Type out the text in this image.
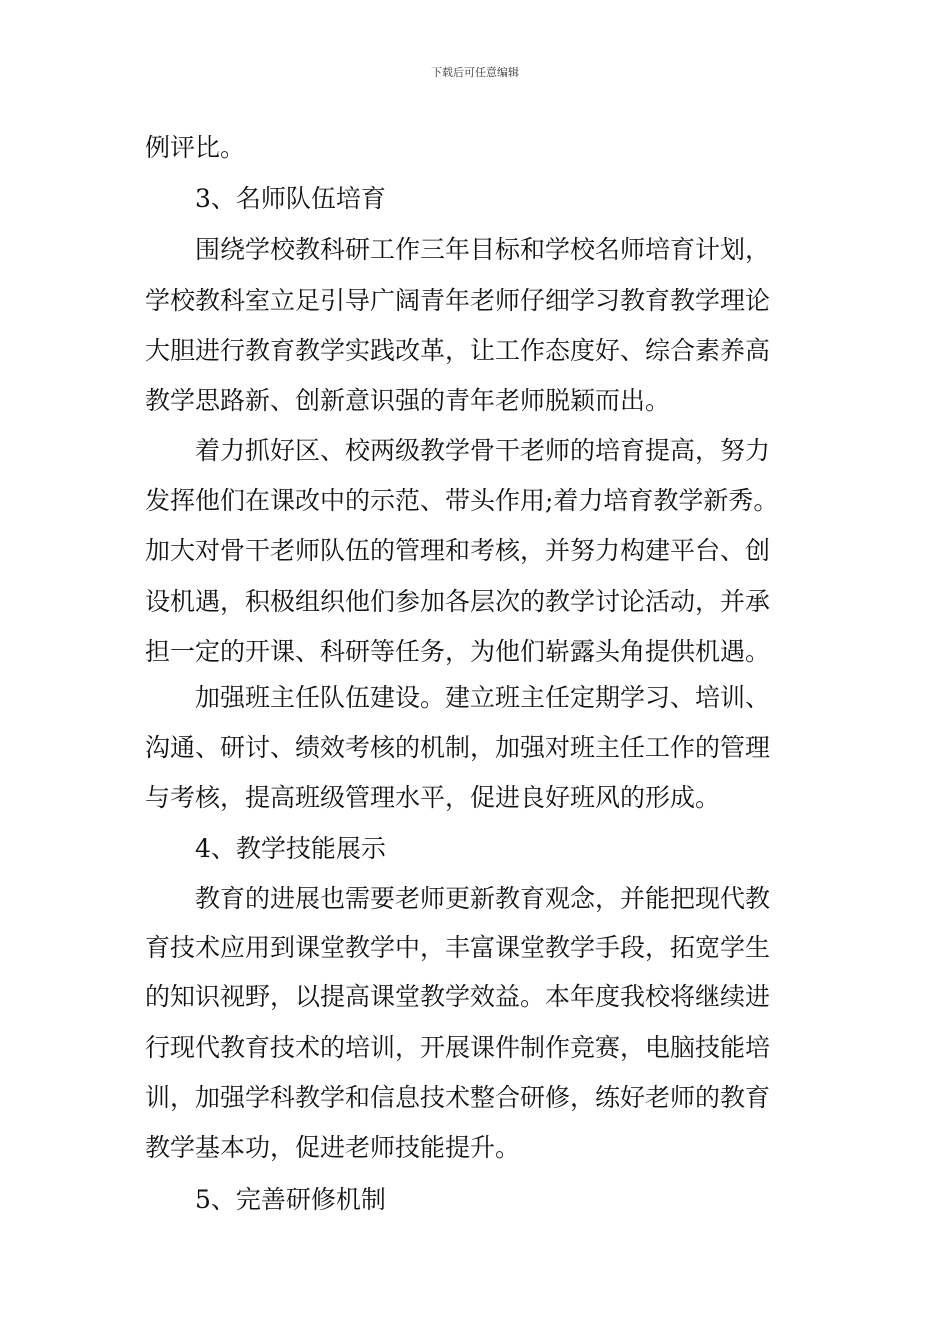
下载后可任意编辑
例评比。
3、名师队伍培育
围绕学校教科研工作三年目标和学校名师培育计划，
学校教科室立足引导广阔青年老师仔细学习教育教学理论
大胆进行教育教学实践改革，让工作态度好、综合素养高
教学思路新、创新意识强的青年老师脱颖而出。
着力抓好区、校两级教学骨干老师的培育提高，努力
发挥他们在课改中的示范、带头作用;着力培育教学新秀。
加大对骨干老师队伍的管理和考核，并努力构建平台、创
设机遇，积极组织他们参加各层次的教学讨论活动，并承
担一定的开课、科研等任务，为他们崭露头角提供机遇。
加强班主任队伍建设。建立班主任定期学习、培训、
沟通、研讨、绩效考核的机制，加强对班主任工作的管理
与考核，提高班级管理水平，促进良好班风的形成。
4、教学技能展示
教育的进展也需要老师更新教育观念，并能把现代教
育技术应用到课堂教学中，丰富课堂教学手段，拓宽学生
的知识视野，以提高课堂教学效益。本年度我校将继续进
行现代教育技术的培训，开展课件制作竞赛，电脑技能培
训，加强学科教学和信息技术整合研修，练好老师的教育
教学基本功，促进老师技能提升。
5、完善研修机制
